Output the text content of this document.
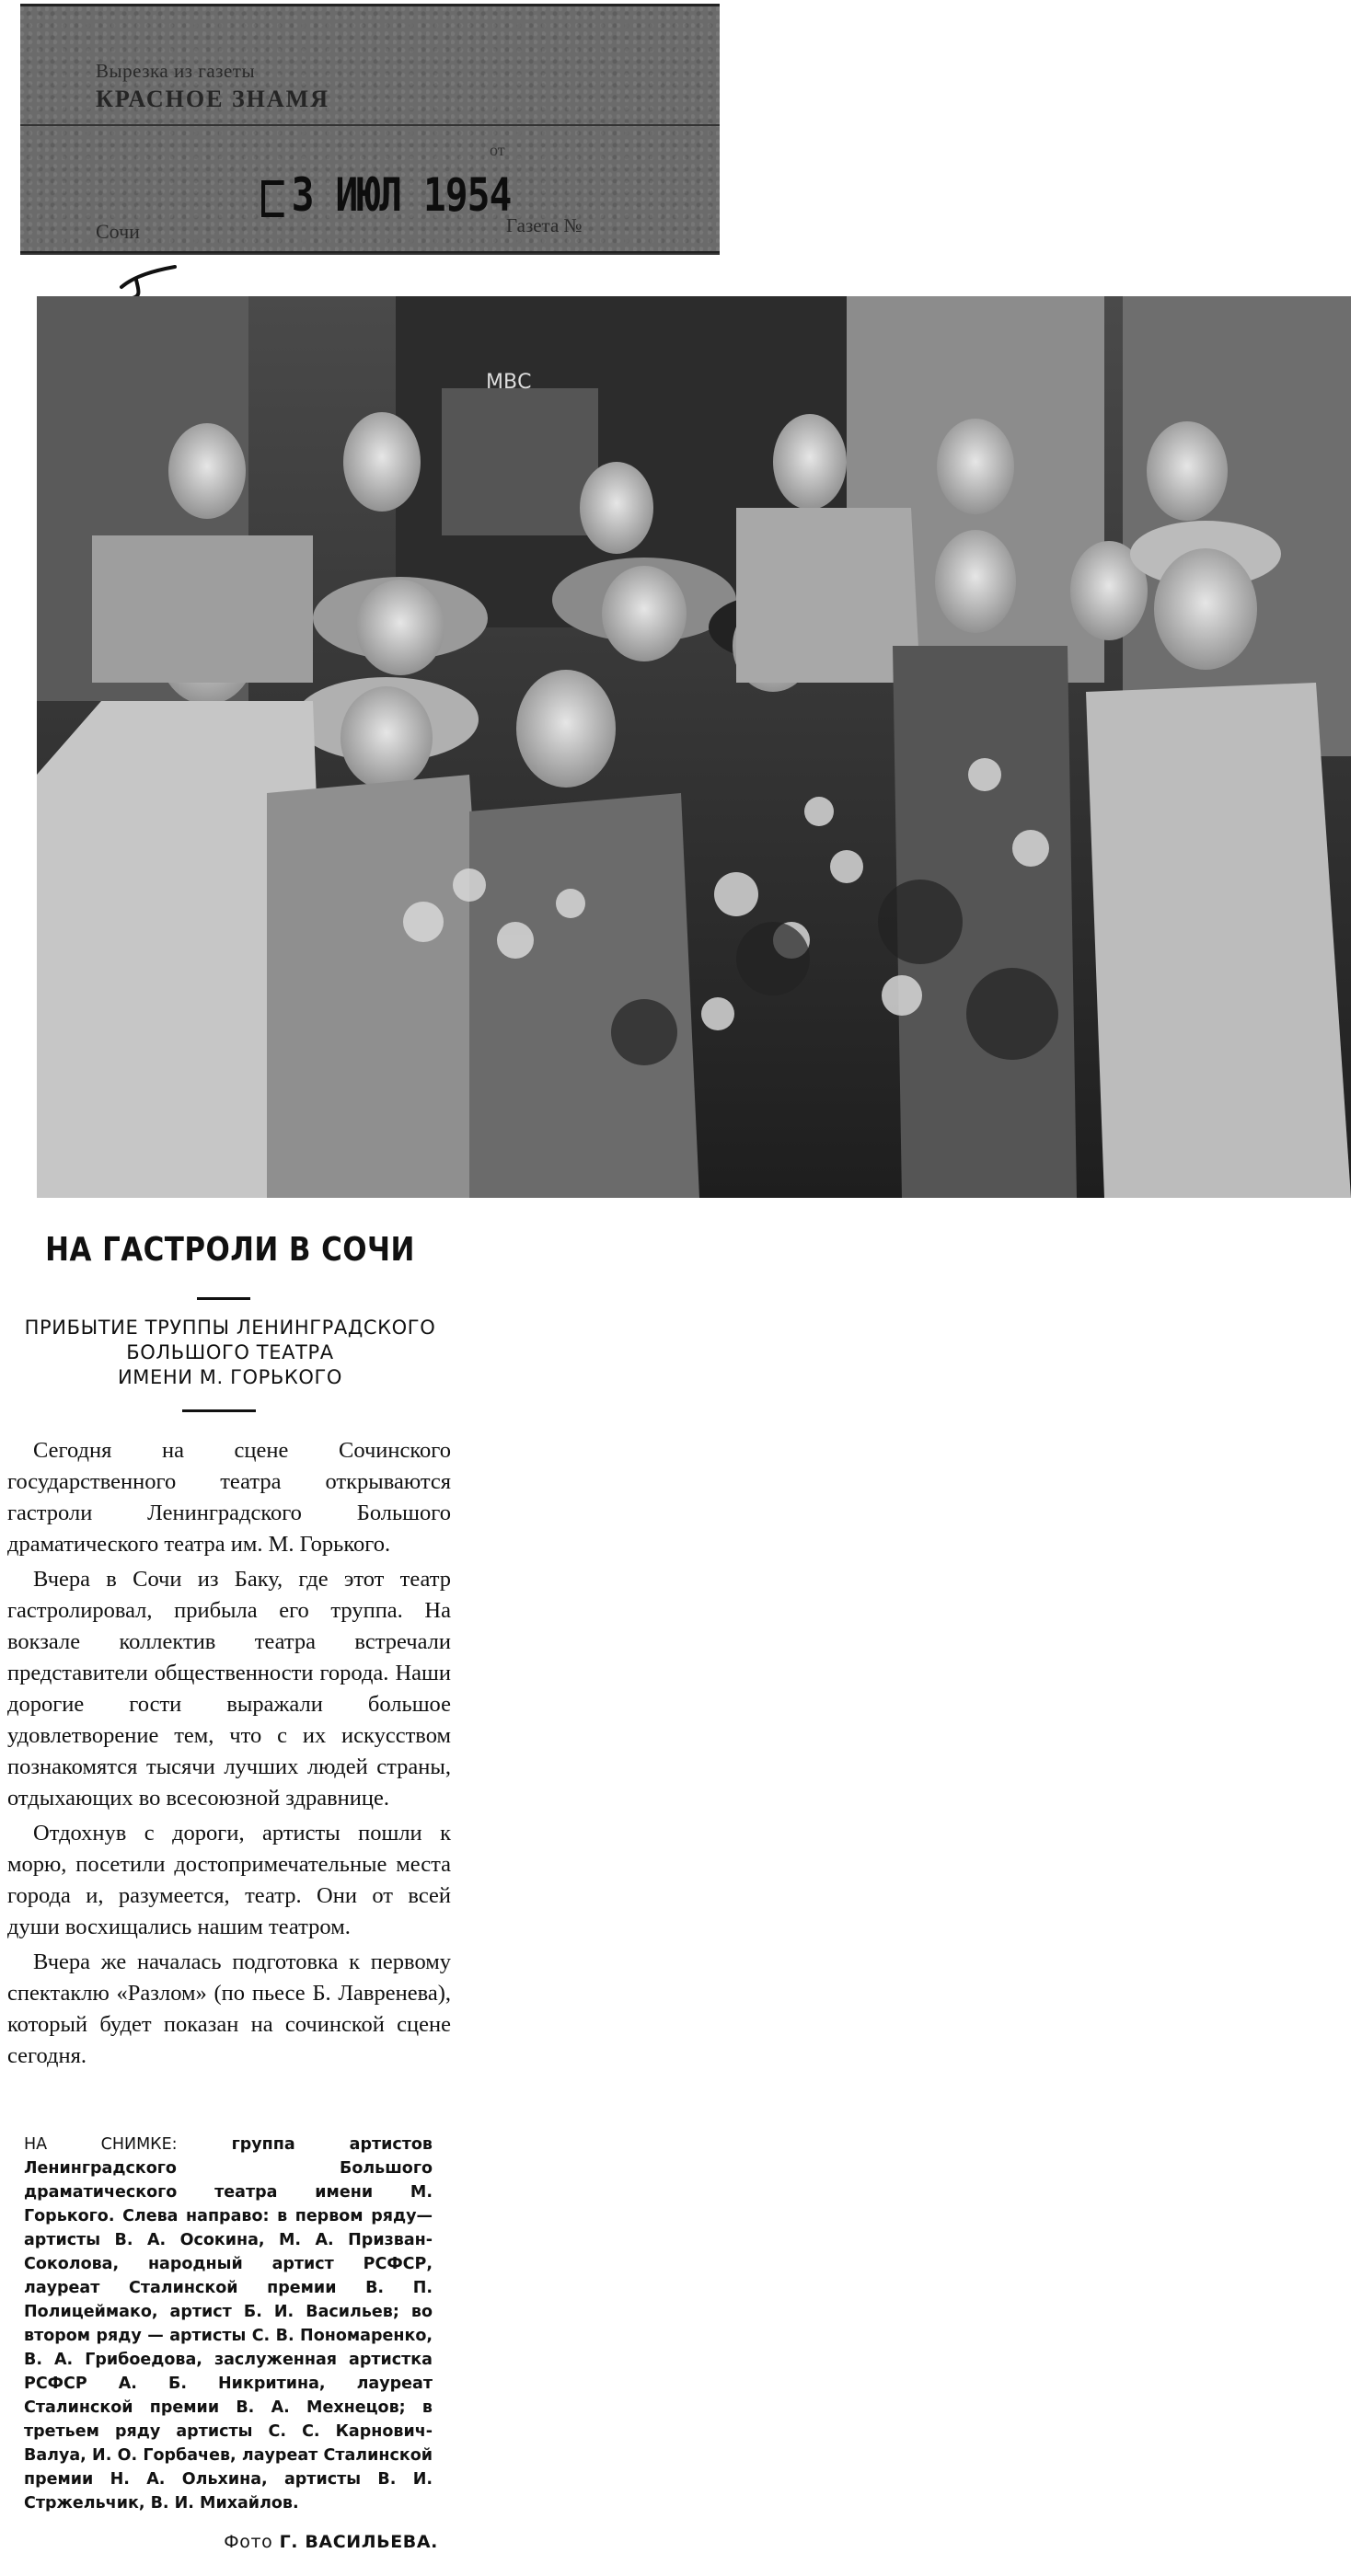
Вырезка из газеты
КРАСНОЕ ЗНАМЯ
от
3 ИЮЛ 1954
Сочи	Газета №
МВС
НА ГАСТРОЛИ В СОЧИ
ПРИБЫТИЕ ТРУППЫ ЛЕНИНГРАДСКОГО
БОЛЬШОГО ТЕАТРА
ИМЕНИ М. ГОРЬКОГО

Сегодня на сцене Сочинского государственного театра открываются гастроли Ленинградского Большого драматического театра им. М. Горького.

Вчера в Сочи из Баку, где этот театр гастролировал, прибыла его труппа. На вокзале коллектив театра встречали представители общественности города. Наши дорогие гости выражали большое удовлетворение тем, что с их искусством познакомятся тысячи лучших людей страны, отдыхающих во всесоюзной здравнице.

Отдохнув с дороги, артисты пошли к морю, посетили достопримечательные места города и, разумеется, театр. Они от всей души восхищались нашим театром.

Вчера же началась подготовка к первому спектаклю «Разлом» (по пьесе Б. Лавренева), который будет показан на сочинской сцене сегодня.

НА СНИМКЕ:	группа артистов Ленинградского Большого драматического театра имени М. Горького. Слева направо: в первом ряду—артисты В. А. Осокина, М. А. Призван-Соколова, народный артист РСФСР, лауреат Сталинской премии В. П. Полицеймако, артист Б. И. Васильев; во втором ряду — артисты С. В. Пономаренко, В. А. Грибоедова, заслуженная артистка РСФСР А. Б. Никритина, лауреат Сталинской премии В. А. Мехнецов; в третьем ряду артисты С. С. Карнович-Валуа, И. О. Горбачев, лауреат Сталинской премии Н. А. Ольхина, артисты В. И. Стржельчик, В. И. Михайлов.
Фото Г. ВАСИЛЬЕВА.
